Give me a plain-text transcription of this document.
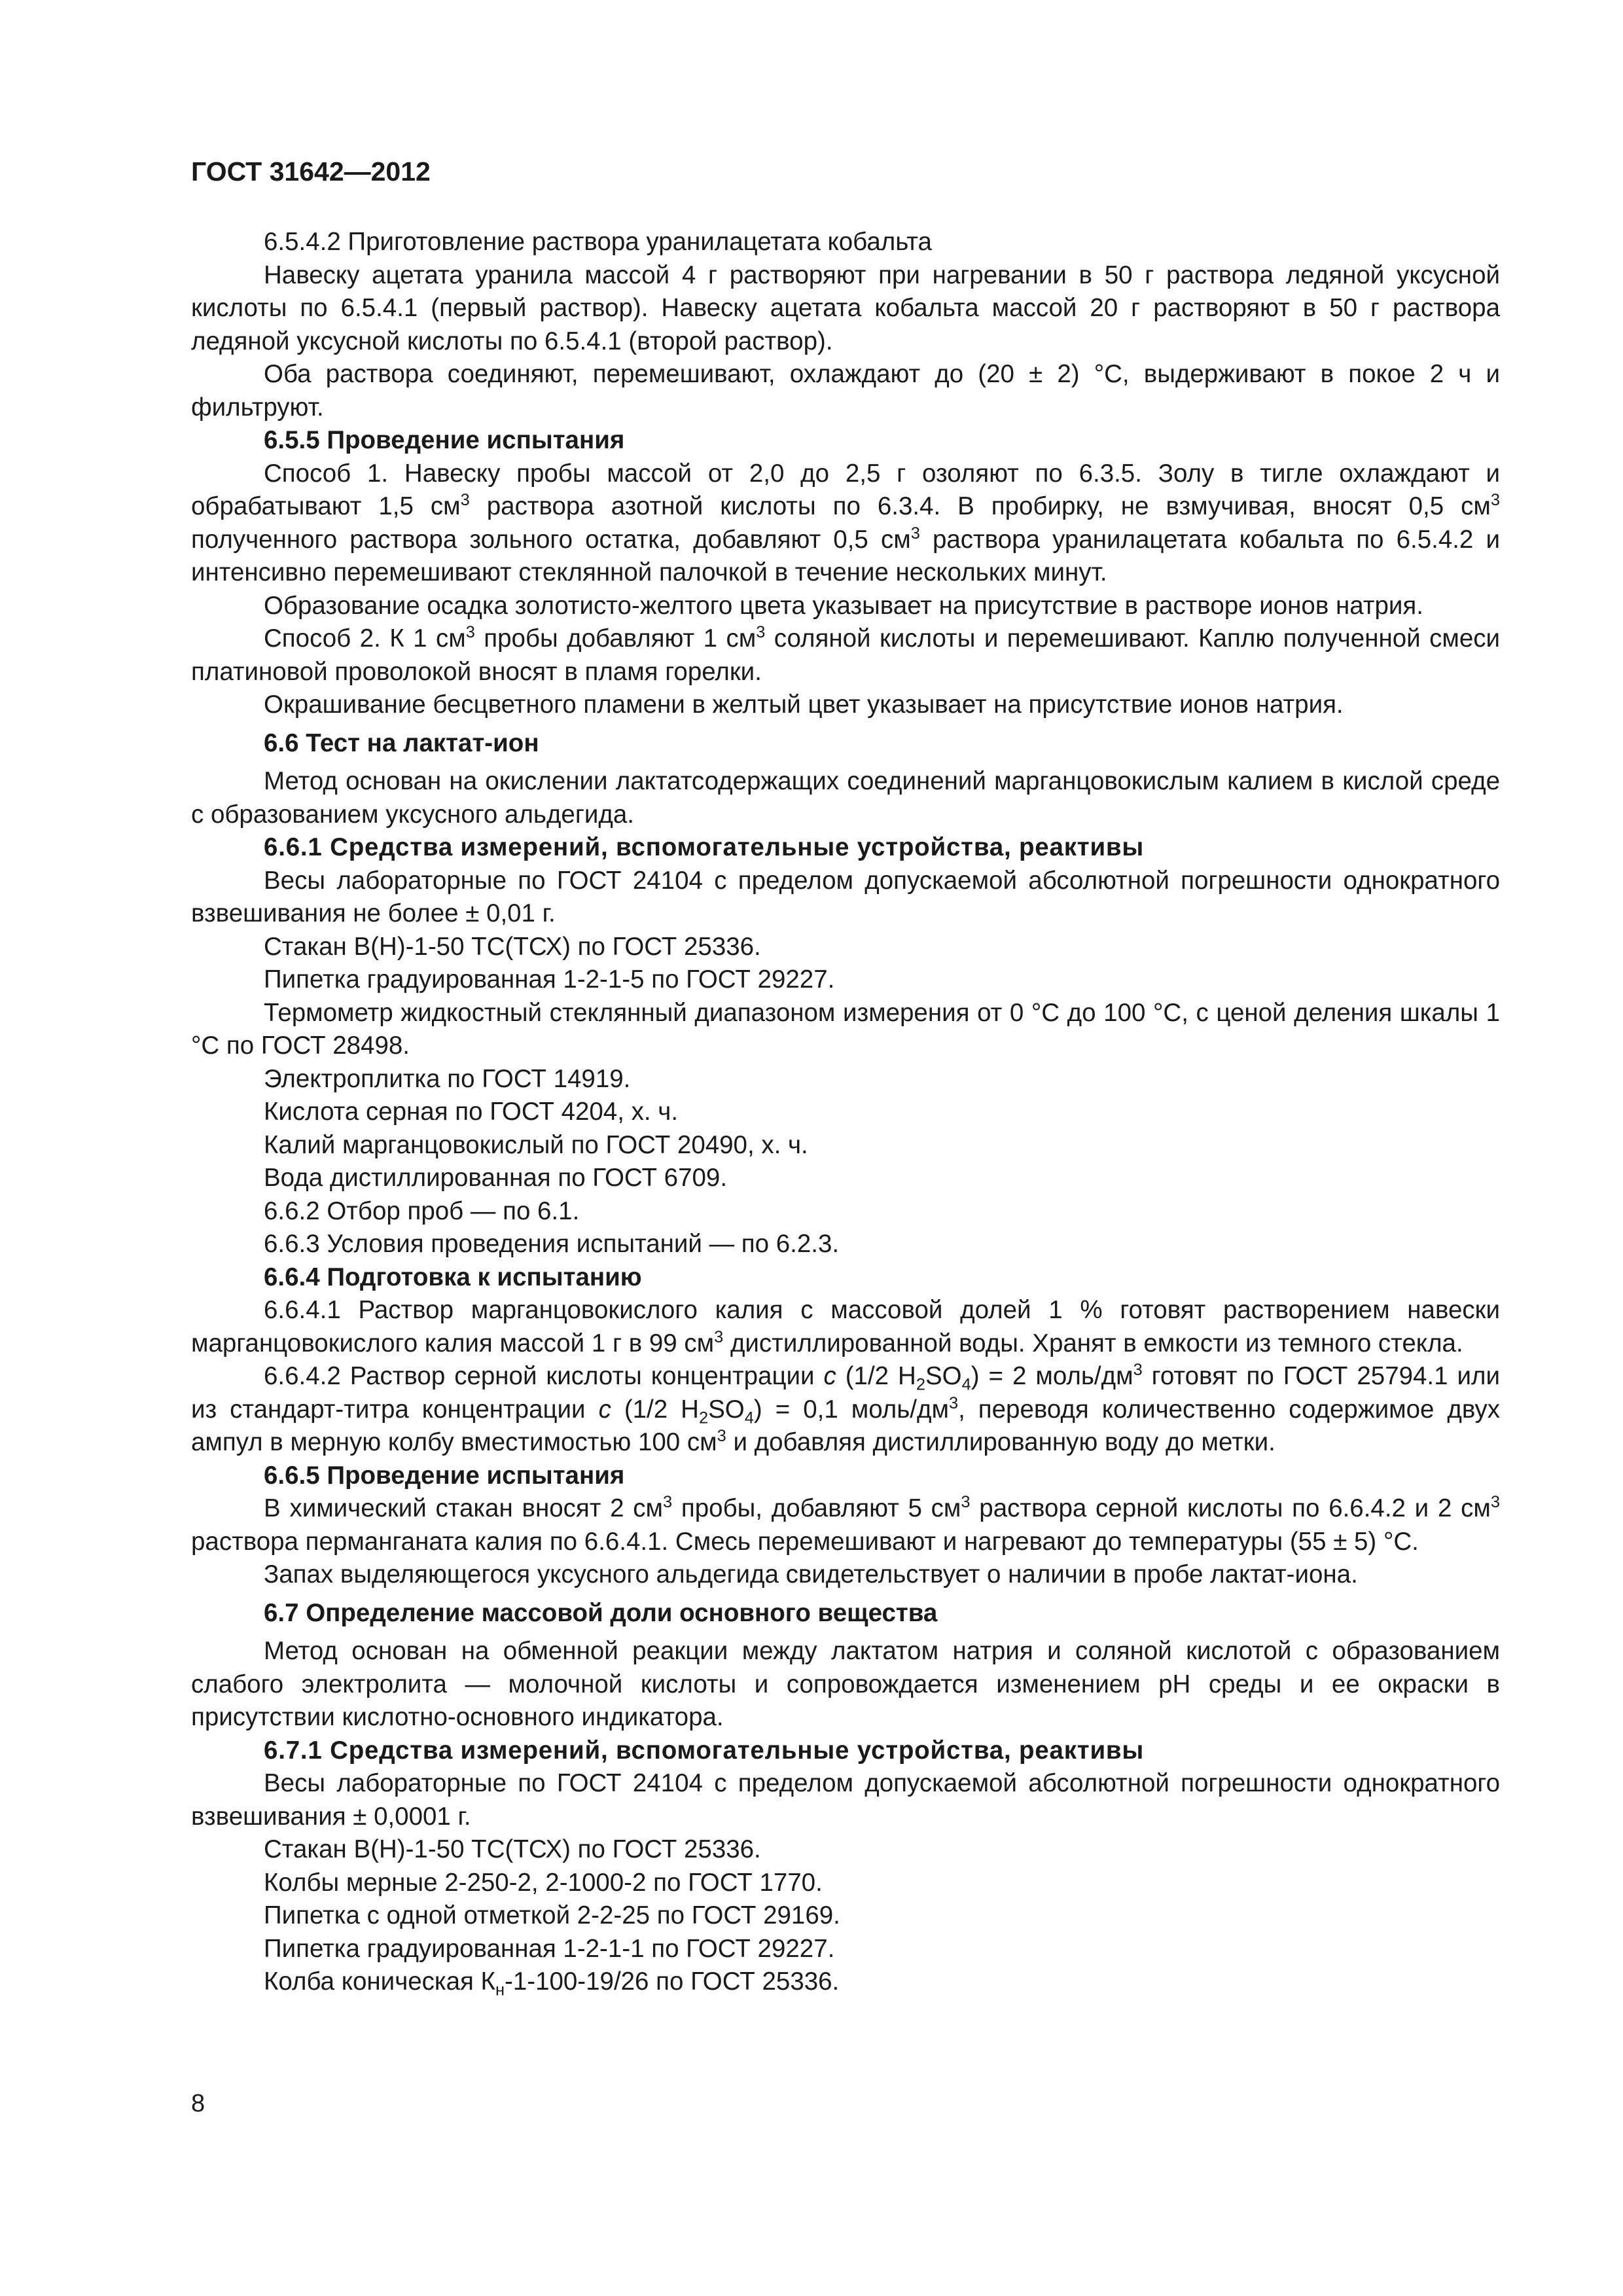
ГОСТ 31642—2012

6.5.4.2 Приготовление раствора уранилацетата кобальта

Навеску ацетата уранила массой 4 г растворяют при нагревании в 50 г раствора ледяной уксусной кислоты по 6.5.4.1 (первый раствор). Навеску ацетата кобальта массой 20 г растворяют в 50 г раствора ледяной уксусной кислоты по 6.5.4.1 (второй раствор).

Оба раствора соединяют, перемешивают, охлаждают до (20 ± 2) °С, выдерживают в покое 2 ч и фильтруют.

6.5.5 Проведение испытания

Способ 1. Навеску пробы массой от 2,0 до 2,5 г озоляют по 6.3.5. Золу в тигле охлаждают и обрабатывают 1,5 $см^3$ раствора азотной кислоты по 6.3.4. В пробирку, не взмучивая, вносят 0,5 $см^3$ полученного раствора зольного остатка, добавляют 0,5 $см^3$ раствора уранилацетата кобальта по 6.5.4.2 и интенсивно перемешивают стеклянной палочкой в течение нескольких минут.

Образование осадка золотисто-желтого цвета указывает на присутствие в растворе ионов натрия.

Способ 2. К 1 $см^3$ пробы добавляют 1 $см^3$ соляной кислоты и перемешивают. Каплю полученной смеси платиновой проволокой вносят в пламя горелки.

Окрашивание бесцветного пламени в желтый цвет указывает на присутствие ионов натрия.

6.6 Тест на лактат-ион

Метод основан на окислении лактатсодержащих соединений марганцовокислым калием в кислой среде с образованием уксусного альдегида.

6.6.1 Средства измерений, вспомогательные устройства, реактивы

Весы лабораторные по ГОСТ 24104 с пределом допускаемой абсолютной погрешности однократного взвешивания не более ± 0,01 г.

Стакан В(Н)-1-50 ТС(ТСХ) по ГОСТ 25336.

Пипетка градуированная 1-2-1-5 по ГОСТ 29227.

Термометр жидкостный стеклянный диапазоном измерения от 0 °С до 100 °С, с ценой деления шкалы 1 °С по ГОСТ 28498.

Электроплитка по ГОСТ 14919.

Кислота серная по ГОСТ 4204, х. ч.

Калий марганцовокислый по ГОСТ 20490, х. ч.

Вода дистиллированная по ГОСТ 6709.

6.6.2 Отбор проб — по 6.1.

6.6.3 Условия проведения испытаний — по 6.2.3.

6.6.4 Подготовка к испытанию

6.6.4.1 Раствор марганцовокислого калия с массовой долей 1 % готовят растворением навески марганцовокислого калия массой 1 г в 99 $см^3$ дистиллированной воды. Хранят в емкости из темного стекла.

6.6.4.2 Раствор серной кислоты концентрации c (1/2 $H_2SO_4) = 2$ моль/$дм^3$ готовят по ГОСТ 25794.1 или из стандарт-титра концентрации c (1/2 $H_2SO_4) = 0,1$ моль/$дм^3$, переводя количественно содержимое двух ампул в мерную колбу вместимостью 100 $см^3$ и добавляя дистиллированную воду до метки.

6.6.5 Проведение испытания

В химический стакан вносят 2 $см^3$ пробы, добавляют 5 $см^3$ раствора серной кислоты по 6.6.4.2 и 2 $см^3$ раствора перманганата калия по 6.6.4.1. Смесь перемешивают и нагревают до температуры (55 ± 5) °С.

Запах выделяющегося уксусного альдегида свидетельствует о наличии в пробе лактат-иона.

6.7 Определение массовой доли основного вещества

Метод основан на обменной реакции между лактатом натрия и соляной кислотой с образованием слабого электролита — молочной кислоты и сопровождается изменением pH среды и ее окраски в присутствии кислотно-основного индикатора.

6.7.1 Средства измерений, вспомогательные устройства, реактивы

Весы лабораторные по ГОСТ 24104 с пределом допускаемой абсолютной погрешности однократного взвешивания ± 0,0001 г.

Стакан В(Н)-1-50 ТС(ТСХ) по ГОСТ 25336.

Колбы мерные 2-250-2, 2-1000-2 по ГОСТ 1770.

Пипетка с одной отметкой 2-2-25 по ГОСТ 29169.

Пипетка градуированная 1-2-1-1 по ГОСТ 29227.

Колба коническая $К_н-1-100-19/26$ по ГОСТ 25336.

8
